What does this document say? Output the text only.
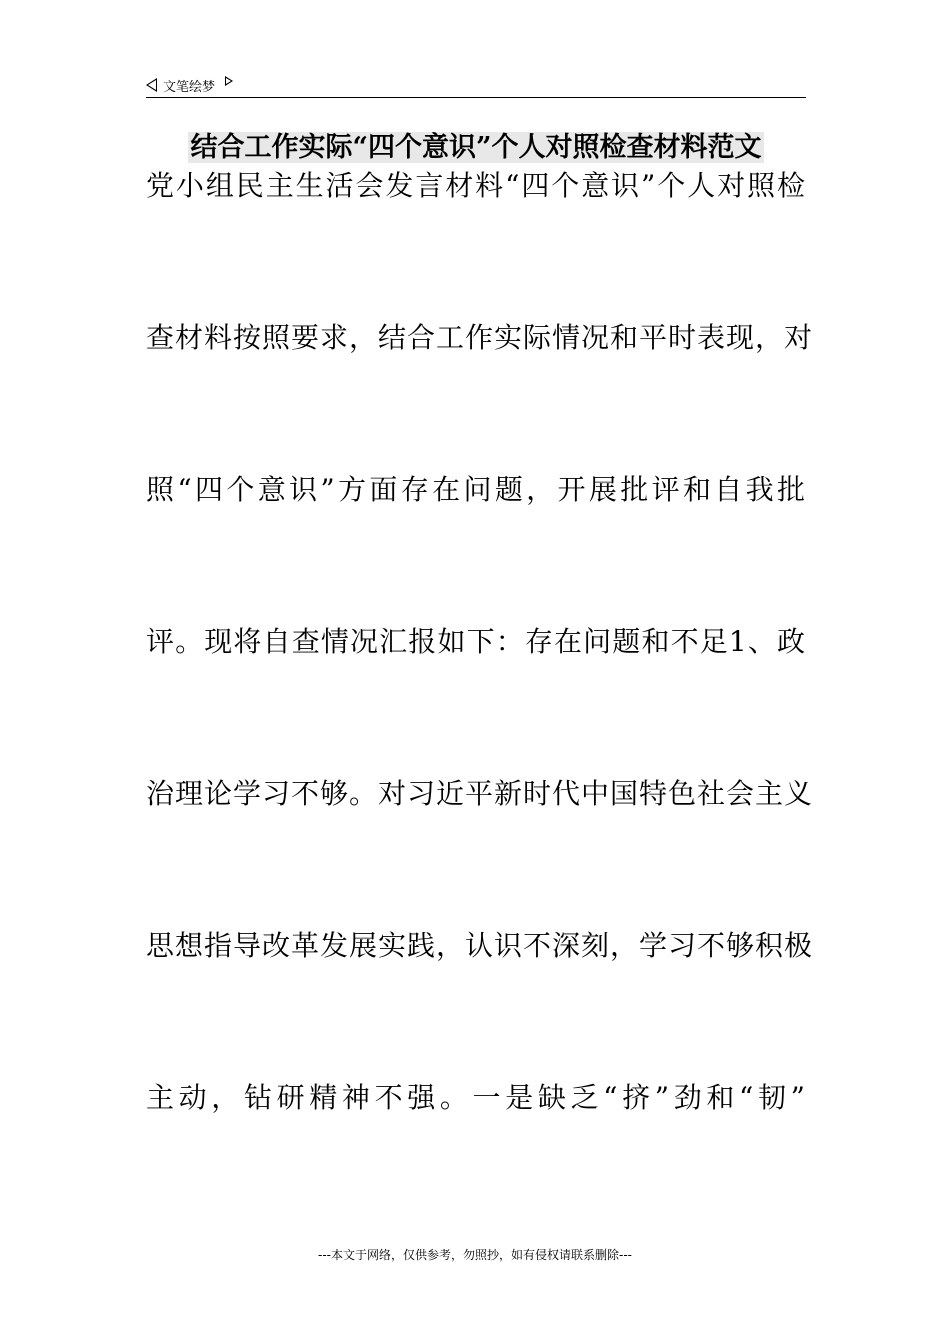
文笔绘梦
结合工作实际“四个意识”个人对照检查材料范文
党小组民主生活会发言材料“四个意识”个人对照检
查材料按照要求，结合工作实际情况和平时表现，对
照“四个意识”方面存在问题，开展批评和自我批
评。现将自查情况汇报如下：存在问题和不足1、政
治理论学习不够。对习近平新时代中国特色社会主义
思想指导改革发展实践，认识不深刻，学习不够积极
主动，钻研精神不强。一是缺乏“挤”劲和“韧”
---本文于网络，仅供参考，勿照抄，如有侵权请联系删除---
